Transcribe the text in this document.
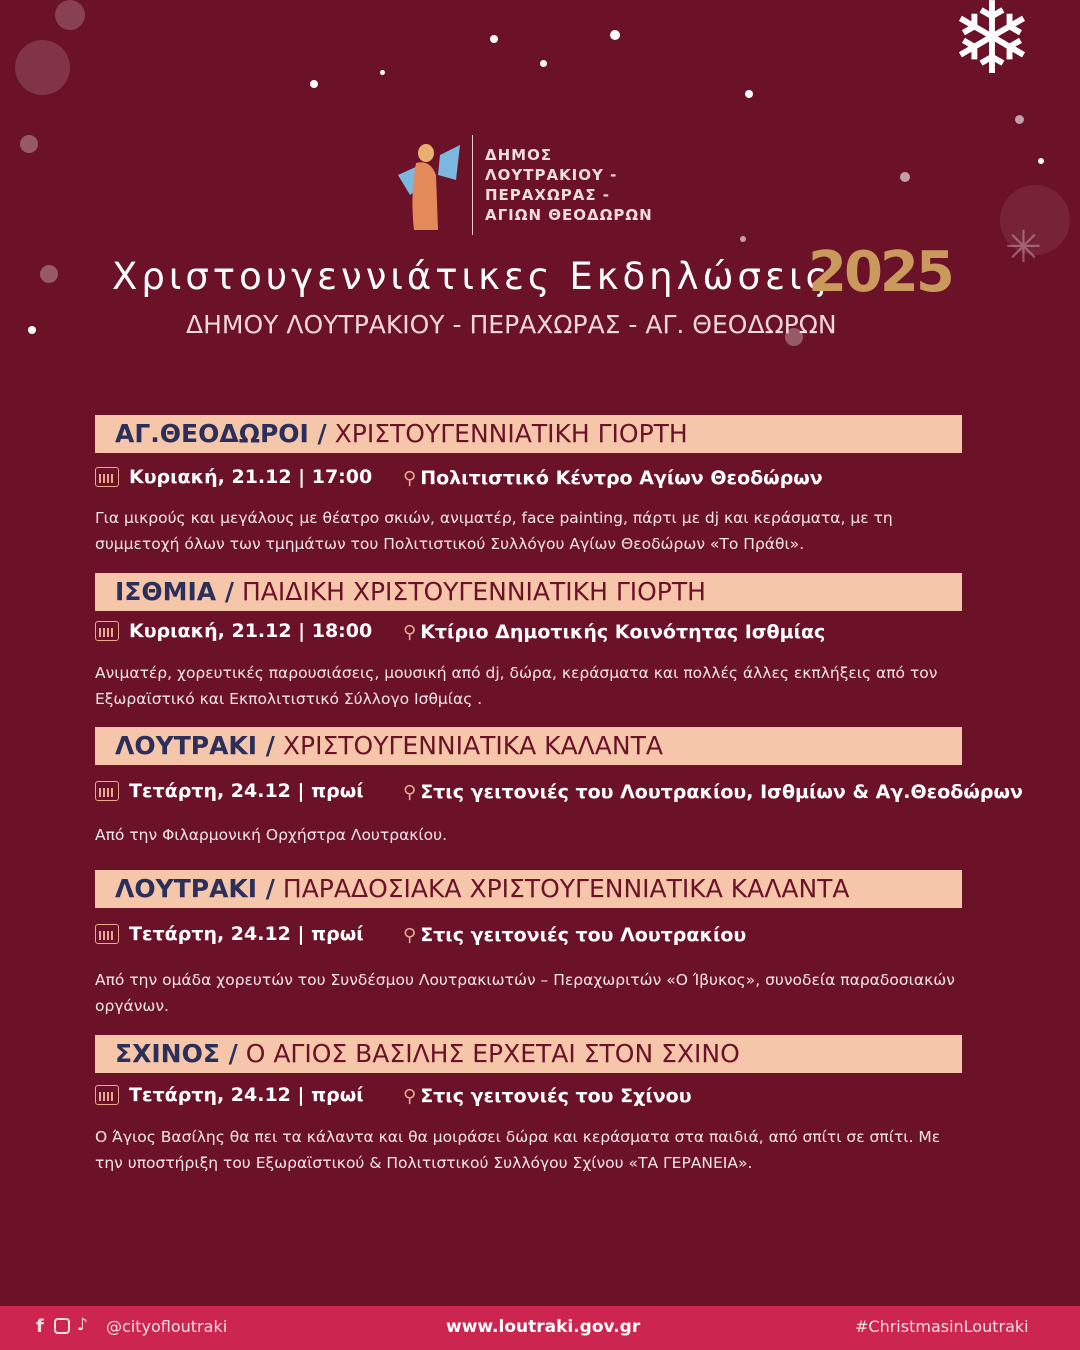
❄
✳
ΔΗΜΟΣ
ΛΟΥΤΡΑΚΙΟΥ -
ΠΕΡΑΧΩΡΑΣ -
ΑΓΙΩΝ ΘΕΟΔΩΡΩΝ
Χριστουγεννιάτικες Εκδηλώσεις
2025
ΔΗΜΟΥ ΛΟΥΤΡΑΚΙΟΥ - ΠΕΡΑΧΩΡΑΣ - ΑΓ. ΘΕΟΔΩΡΩΝ
ΑΓ.ΘΕΟΔΩΡΟΙ / ΧΡΙΣΤΟΥΓΕΝΝΙΑΤΙΚΗ ΓΙΟΡΤΗ
Κυριακή, 21.12 | 17:00 ⚲ Πολιτιστικό Κέντρο Αγίων Θεοδώρων
Για μικρούς και μεγάλους με θέατρο σκιών, ανιματέρ, face painting, πάρτι με dj και κεράσματα, με τη συμμετοχή όλων των τμημάτων του Πολιτιστικού Συλλόγου Αγίων Θεοδώρων «Το Πράθι».
ΙΣΘΜΙΑ / ΠΑΙΔΙΚΗ ΧΡΙΣΤΟΥΓΕΝΝΙΑΤΙΚΗ ΓΙΟΡΤΗ
Κυριακή, 21.12 | 18:00 ⚲ Κτίριο Δημοτικής Κοινότητας Ισθμίας
Ανιματέρ, χορευτικές παρουσιάσεις, μουσική από dj, δώρα, κεράσματα και πολλές άλλες εκπλήξεις από τον Εξωραϊστικό και Εκπολιτιστικό Σύλλογο Ισθμίας .
ΛΟΥΤΡΑΚΙ / ΧΡΙΣΤΟΥΓΕΝΝΙΑΤΙΚΑ ΚΑΛΑΝΤΑ
Τετάρτη, 24.12 | πρωί ⚲ Στις γειτονιές του Λουτρακίου, Ισθμίων & Αγ.Θεοδώρων
Από την Φιλαρμονική Ορχήστρα Λουτρακίου.
ΛΟΥΤΡΑΚΙ / ΠΑΡΑΔΟΣΙΑΚΑ ΧΡΙΣΤΟΥΓΕΝΝΙΑΤΙΚΑ ΚΑΛΑΝΤΑ
Τετάρτη, 24.12 | πρωί ⚲ Στις γειτονιές του Λουτρακίου
Από την ομάδα χορευτών του Συνδέσμου Λουτρακιωτών – Περαχωριτών «Ο Ίβυκος», συνοδεία παραδοσιακών οργάνων.
ΣΧΙΝΟΣ / Ο ΑΓΙΟΣ ΒΑΣΙΛΗΣ ΕΡΧΕΤΑΙ ΣΤΟΝ ΣΧΙΝΟ
Τετάρτη, 24.12 | πρωί ⚲ Στις γειτονιές του Σχίνου
Ο Άγιος Βασίλης θα πει τα κάλαντα και θα μοιράσει δώρα και κεράσματα στα παιδιά, από σπίτι σε σπίτι. Με την υποστήριξη του Εξωραϊστικού & Πολιτιστικού Συλλόγου Σχίνου «ΤΑ ΓΕΡΑΝΕΙΑ».
f ♪ @cityofloutraki	www.loutraki.gov.gr	#ChristmasinLoutraki
